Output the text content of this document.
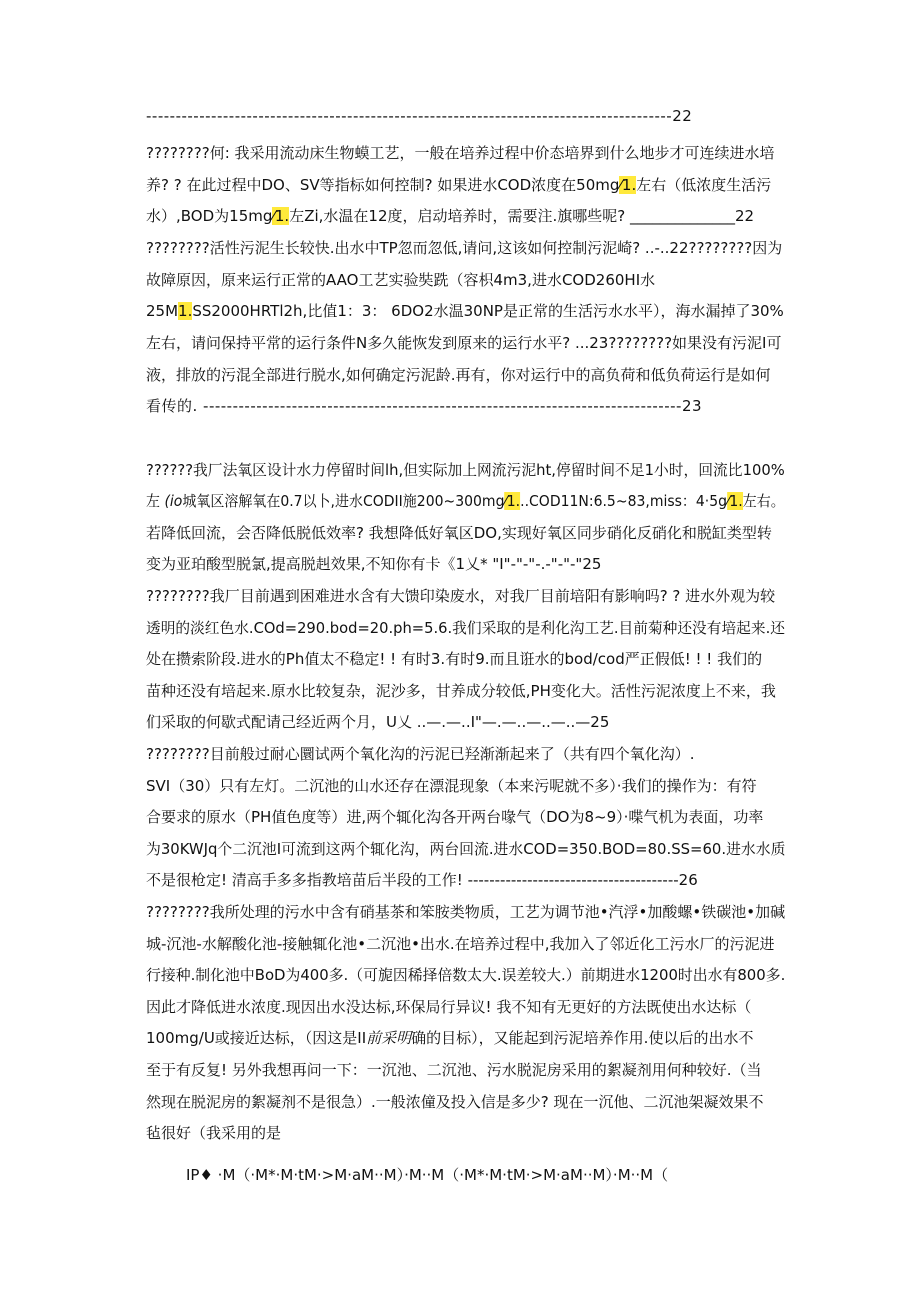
-----------------------------------------------------------------------------------------22
????????何: 我采用流动床生物蟆工艺，一般在培养过程中价态培界到什么地步才可连续进水培
养? ? 在此过程中DO、SV等指标如何控制? 如果进水COD浓度在50mg⁄1.左右（低浓度生活污
水）,BOD为15mg⁄1.左Zi,水温在12度，启动培养时，需要注.旗哪些呢? ______________22
????????活性污泥生长较快.出水中TP忽而忽低,请问,这该如何控制污泥崎? ..-..22????????因为
故障原因，原来运行正常的AAO工艺实验奘跣（容枳4m3,进水COD260HI水
25M1.SS2000HRTl2h,比值1：3： 6DO2水温30NP是正常的生活污水水平），海水漏掉了30%
左右，请问保持平常的运行条件N多久能恢发到原来的运行水平? ...23????????如果没有污泥I可
液，排放的污混全部进行脱水,如何确定污泥龄.再有，你对运行中的高负荷和低负荷运行是如何
看传的. ---------------------------------------------------------------------------------23
??????我厂法氧区设计水力停留时间lh,但实际加上网流污泥ht,停留时间不足1小时，回流比100%
左 (io城氧区溶解氧在0.7以卜,进水CODII施200~300mg⁄1...COD11N:6.5~83,miss：4·5g⁄1.左右。
若降低回流，会否降低脱低效率? 我想降低好氧区DO,实现好氧区同步硝化反硝化和脱缸类型转
变为亚珀酸型脱氯,提高脱赳效果,不知你有卡《1乂* "I"-"-"-.-"-"-"25
????????我厂目前遇到困难进水含有大馈印染废水，对我厂目前培阳有影响吗? ? 进水外观为较
透明的淡红色水.COd=290.bod=20.ph=5.6.我们采取的是利化沟工艺.目前菊种还没有培起来.还
处在攒索阶段.进水的Ph值太不稳定! ! 有时3.有时9.而且诳水的bod/cod严正假低! ! ! 我们的
苗种还没有培起来.原水比较复杂，泥沙多，甘养成分较低,PH变化大。活性污泥浓度上不来，我
们采取的何歇式配请己经近两个月，U乂 ..—.—..I"—.—..—..—..—25
????????目前般过耐心圜试两个氧化沟的污泥已羟渐渐起来了（共有四个氧化沟）.
SVI（30）只有左灯。二沉池的山水还存在漂混现象（本来污呢就不多）·我们的操作为：有符
合要求的原水（PH值色度等）进,两个辄化沟各开两台喙气（DO为8~9）·喋气机为表面，功率
为30KWJq个二沉池I可流到这两个辄化沟，两台回流.进水COD=350.BOD=80.SS=60.进水水质
不是很枪定! 清高手多多指教培苗后半段的工作! ---------------------------------------26
????????我所处理的污水中含有硝基茶和笨胺类物质，工艺为调节池•汽浮•加酸螺•铁碳池•加碱
城-沉池-水解酸化池-接触辄化池•二沉池•出水.在培养过程中,我加入了邻近化工污水厂的污泥进
行接种.制化池中BoD为400多.（可旎因稀择倍数太大.误差较大.）前期进水1200时出水有800多.
因此才降低进水浓度.现因出水没达标,环保局行异议! 我不知有无更好的方法既使出水达标（
100mg/U或接近达标，（因这是II前采明确的目标），又能起到污泥培养作用.使以后的出水不
至于有反复! 另外我想再问一下：一沉池、二沉池、污水脱泥房采用的絮凝剂用何种较好.（当
然现在脱泥房的絮凝剂不是很急）.一般浓僮及投入信是多少? 现在一沉他、二沉池架凝效果不
毡很好（我采用的是
IP♦ ·M（·M*·M·tM·>M·aM··M）·M··M（·M*·M·tM·>M·aM··M）·M··M（
